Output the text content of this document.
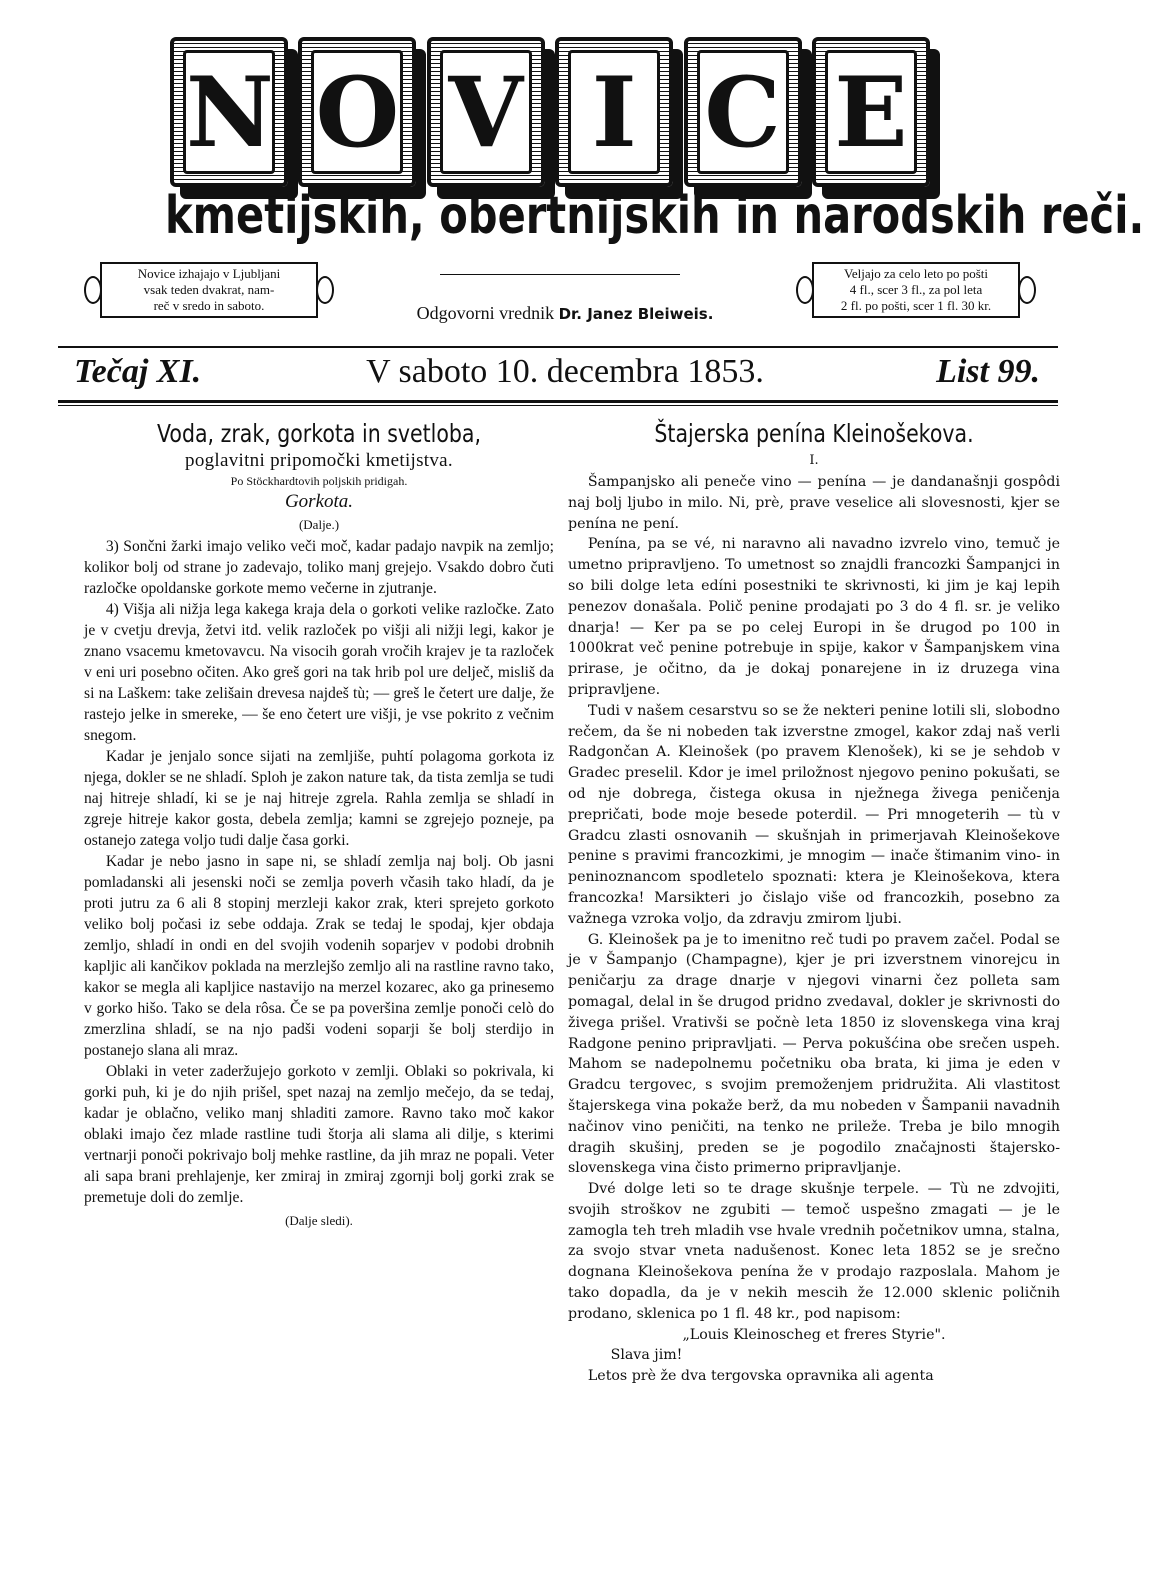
N O V I C E
kmetijskih, obertnijskih in narodskih reči.
Novice izhajajo v Ljubljani
vsak teden dvakrat, nam-
reč v sredo in saboto.	Odgovorni vrednik Dr. Janez Bleiweis.
Veljajo za celo leto po pošti
4 fl., scer 3 fl., za pol leta
2 fl. po pošti, scer 1 fl. 30 kr.
Tečaj XI.	V saboto 10. decembra 1853.	List 99.
Voda, zrak, gorkota in svetloba,
poglavitni pripomočki kmetijstva.
Po Stöckhardtovih poljskih pridigah.
Gorkota.
(Dalje.)

3) Sončni žarki imajo veliko veči moč, kadar padajo navpik na zemljo; kolikor bolj od strane jo zadevajo, toliko manj grejejo. Vsakdo dobro čuti razločke opoldanske gorkote memo večerne in zjutranje.

4) Višja ali nižja lega kakega kraja dela o gorkoti velike razločke. Zato je v cvetju drevja, žetvi itd. velik razloček po višji ali nižji legi, kakor je znano vsacemu kmetovavcu. Na visocih gorah vročih krajev je ta razloček v eni uri posebno očiten. Ako greš gori na tak hrib pol ure delječ, misliš da si na Laškem: take zelišain drevesa najdeš tù; — greš le četert ure dalje, že rastejo jelke in smereke, — še eno četert ure višji, je vse pokrito z večnim snegom.

Kadar je jenjalo sonce sijati na zemljiše, puhtí polagoma gorkota iz njega, dokler se ne shladí. Sploh je zakon nature tak, da tista zemlja se tudi naj hitreje shladí, ki se je naj hitreje zgrela. Rahla zemlja se shladí in zgreje hitreje kakor gosta, debela zemlja; kamni se zgrejejo pozneje, pa ostanejo zatega voljo tudi dalje časa gorki.

Kadar je nebo jasno in sape ni, se shladí zemlja naj bolj. Ob jasni pomladanski ali jesenski noči se zemlja poverh včasih tako hladí, da je proti jutru za 6 ali 8 stopinj merzleji kakor zrak, kteri sprejeto gorkoto veliko bolj počasi iz sebe oddaja. Zrak se tedaj le spodaj, kjer obdaja zemljo, shladí in ondi en del svojih vodenih soparjev v podobi drobnih kapljic ali kančikov poklada na merzlejšo zemljo ali na rastline ravno tako, kakor se megla ali kapljice nastavijo na merzel kozarec, ako ga prinesemo v gorko hišo. Tako se dela rôsa. Če se pa poveršina zemlje ponoči celò do zmerzlina shladí, se na njo padši vodeni soparji še bolj sterdijo in postanejo slana ali mraz.

Oblaki in veter zaderžujejo gorkoto v zemlji. Oblaki so pokrivala, ki gorki puh, ki je do njih prišel, spet nazaj na zemljo mečejo, da se tedaj, kadar je oblačno, veliko manj shladiti zamore. Ravno tako moč kakor oblaki imajo čez mlade rastline tudi štorja ali slama ali dilje, s kterimi vertnarji ponoči pokrivajo bolj mehke rastline, da jih mraz ne popali. Veter ali sapa brani prehlajenje, ker zmiraj in zmiraj zgornji bolj gorki zrak se premetuje doli do zemlje.

(Dalje sledi).
Štajerska penína Kleinošekova.
I.

Šampanjsko ali peneče vino — penína — je dandanašnji gospôdi naj bolj ljubo in milo. Ni, prè, prave veselice ali slovesnosti, kjer se penína ne pení.

Penína, pa se vé, ni naravno ali navadno izvrelo vino, temuč je umetno pripravljeno. To umetnost so znajdli francozki Šampanjci in so bili dolge leta edíni posestniki te skrivnosti, ki jim je kaj lepih penezov donašala. Polič penine prodajati po 3 do 4 fl. sr. je veliko dnarja! — Ker pa se po celej Europi in še drugod po 100 in 1000krat več penine potrebuje in spije, kakor v Šampanjskem vina prirase, je očitno, da je dokaj ponarejene in iz druzega vina pripravljene.

Tudi v našem cesarstvu so se že nekteri penine lotili sli, slobodno rečem, da še ni nobeden tak izverstne zmogel, kakor zdaj naš verli Radgončan A. Kleinošek (po pravem Klenošek), ki se je sehdob v Gradec preselil. Kdor je imel priložnost njegovo penino pokušati, se od nje dobrega, čistega okusa in nježnega živega peničenja prepričati, bode moje besede poterdil. — Pri mnogeterih — tù v Gradcu zlasti osnovanih — skušnjah in primerjavah Kleinošekove penine s pravimi francozkimi, je mnogim — inače štimanim vino- in peninoznancom spodletelo spoznati: ktera je Kleinošekova, ktera francozka! Marsikteri jo čislajo više od francozkih, posebno za važnega vzroka voljo, da zdravju zmirom ljubi.

G. Kleinošek pa je to imenitno reč tudi po pravem začel. Podal se je v Šampanjo (Champagne), kjer je pri izverstnem vinorejcu in peničarju za drage dnarje v njegovi vinarni čez polleta sam pomagal, delal in še drugod pridno zvedaval, dokler je skrivnosti do živega prišel. Vrativši se počnè leta 1850 iz slovenskega vina kraj Radgone penino pripravljati. — Perva pokušćina obe srečen uspeh. Mahom se nadepolnemu početniku oba brata, ki jima je eden v Gradcu tergovec, s svojim premoženjem pridružita. Ali vlastitost štajerskega vina pokaže berž, da mu nobeden v Šampanii navadnih načinov vino peničiti, na tenko ne prileže. Treba je bilo mnogih dragih skušinj, preden se je pogodilo značajnosti štajersko-slovenskega vina čisto primerno pripravljanje.

Dvé dolge leti so te drage skušnje terpele. — Tù ne zdvojiti, svojih stroškov ne zgubiti — temoč uspešno zmagati — je le zamogla teh treh mladih vse hvale vrednih početnikov umna, stalna, za svojo stvar vneta nadušenost. Konec leta 1852 se je srečno dognana Kleinošekova penína že v prodajo razposlala. Mahom je tako dopadla, da je v nekih mescih že 12.000 sklenic poličnih prodano, sklenica po 1 fl. 48 kr., pod napisom:

„Louis Kleinoscheg et freres Styrie".

Slava jim!

Letos prè že dva tergovska opravnika ali agenta
